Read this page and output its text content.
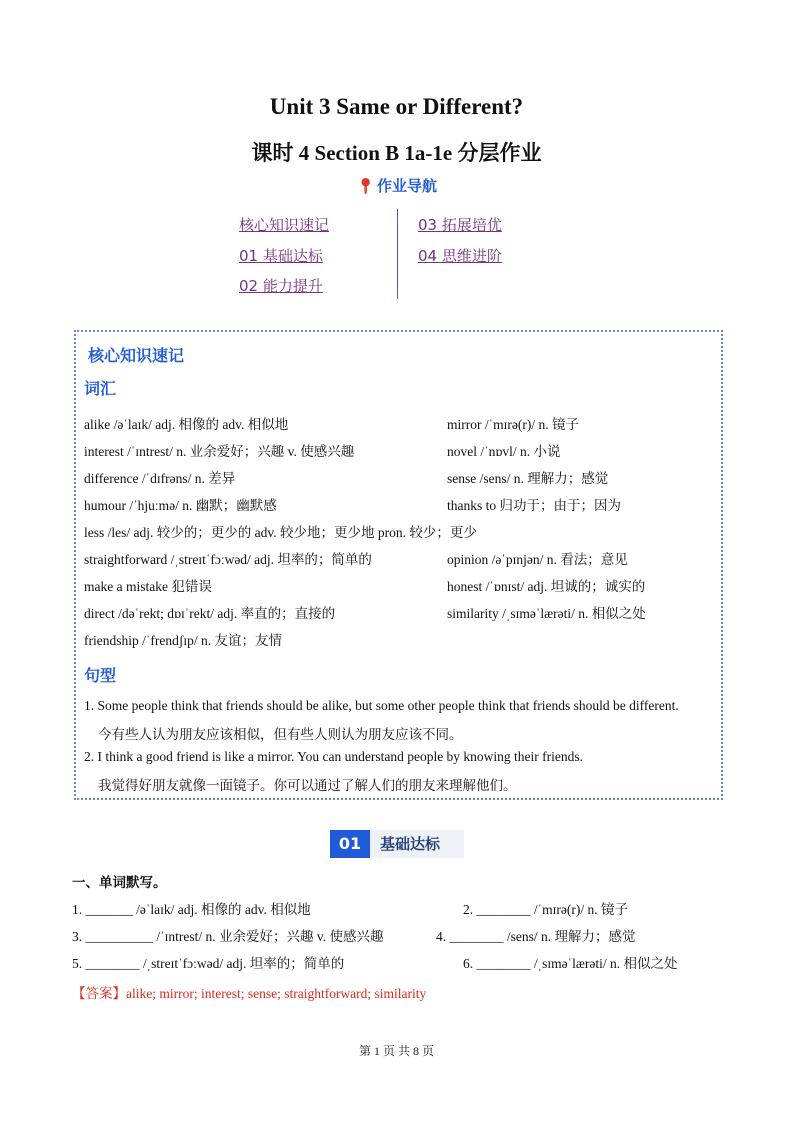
Unit 3 Same or Different?
课时 4 Section B 1a-1e 分层作业
📍︎ 作业导航
核心知识速记
01 基础达标
02 能力提升
03 拓展培优
04 思维进阶
核心知识速记
词汇
alike /əˈlaɪk/ adj. 相像的 adv. 相似地
interest /ˈɪntrest/ n. 业余爱好；兴趣 v. 使感兴趣
difference /ˈdɪfrəns/ n. 差异
humour /ˈhjuːmə/ n. 幽默；幽默感
less /les/ adj. 较少的；更少的 adv. 较少地；更少地 pron. 较少；更少
straightforward /ˌstreɪtˈfɔːwəd/ adj. 坦率的；简单的
make a mistake 犯错误
direct /dəˈrekt; dɒɪˈrekt/ adj. 率直的；直接的
friendship /ˈfrendʃɪp/ n. 友谊；友情
mirror /ˈmɪrə(r)/ n. 镜子
novel /ˈnɒvl/ n. 小说
sense /sens/ n. 理解力；感觉
thanks to 归功于；由于；因为
opinion /əˈpɪnjən/ n. 看法；意见
honest /ˈɒnɪst/ adj. 坦诚的；诚实的
similarity /ˌsɪməˈlærəti/ n. 相似之处
句型
1. Some people think that friends should be alike, but some other people think that friends should be different.
今有些人认为朋友应该相似，但有些人则认为朋友应该不同。
2. I think a good friend is like a mirror. You can understand people by knowing their friends.
我觉得好朋友就像一面镜子。你可以通过了解人们的朋友来理解他们。
01	基础达标
一、单词默写。
1. _______ /əˈlaɪk/ adj. 相像的 adv. 相似地	2. ________ /ˈmɪrə(r)/ n. 镜子
3. __________ /ˈɪntrest/ n. 业余爱好；兴趣 v. 使感兴趣	4. ________ /sens/ n. 理解力；感觉
5. ________ /ˌstreɪtˈfɔːwəd/ adj. 坦率的；简单的	6. ________ /ˌsɪməˈlærəti/ n. 相似之处
【答案】alike; mirror; interest; sense; straightforward; similarity
第 1 页 共 8 页
